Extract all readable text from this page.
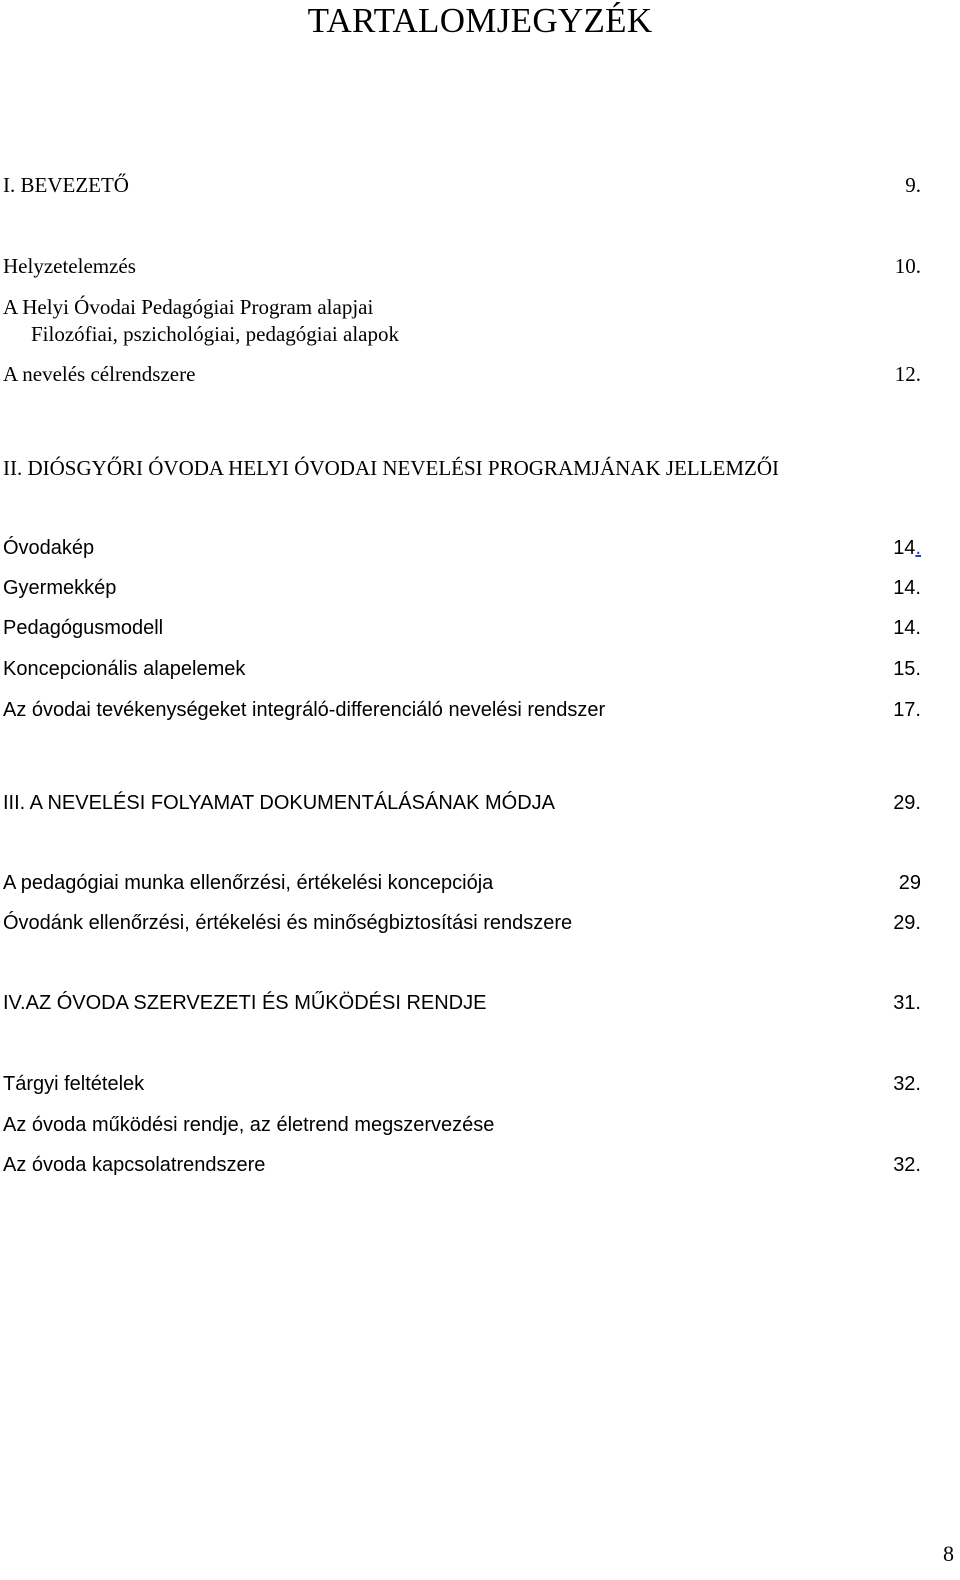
TARTALOMJEGYZÉK
I. BEVEZETŐ	9.
Helyzetelemzés	10.
A Helyi Óvodai Pedagógiai Program alapjai
Filozófiai, pszichológiai, pedagógiai alapok
A nevelés célrendszere	12.
II. DIÓSGYŐRI ÓVODA HELYI ÓVODAI NEVELÉSI PROGRAMJÁNAK JELLEMZŐI
Óvodakép	14.
Gyermekkép	14.
Pedagógusmodell	14.
Koncepcionális alapelemek	15.
Az óvodai tevékenységeket integráló-differenciáló nevelési rendszer	17.
III. A NEVELÉSI FOLYAMAT DOKUMENTÁLÁSÁNAK MÓDJA	29.
A pedagógiai munka ellenőrzési, értékelési koncepciója	29
Óvodánk ellenőrzési, értékelési és minőségbiztosítási rendszere	29.
IV.AZ ÓVODA SZERVEZETI ÉS MŰKÖDÉSI RENDJE	31.
Tárgyi feltételek	32.
Az óvoda működési rendje, az életrend megszervezése
Az óvoda kapcsolatrendszere	32.
8
